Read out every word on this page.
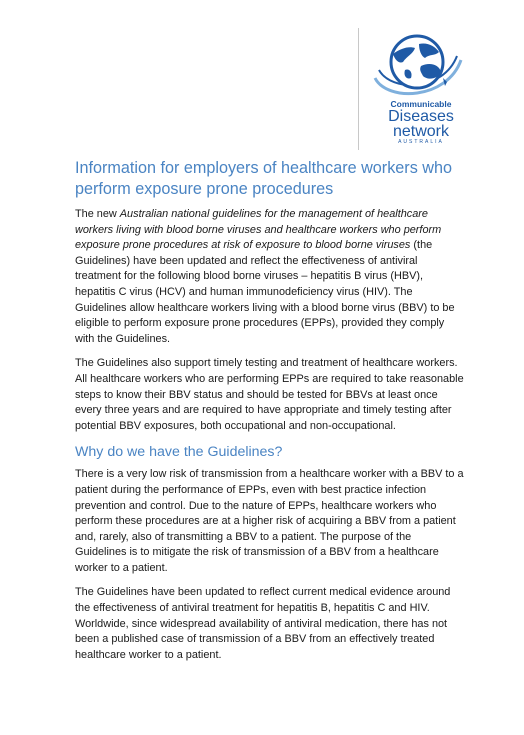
Communicable
Diseases
network
AUSTRALIA
Information for employers of healthcare workers who perform exposure prone procedures

The new Australian national guidelines for the management of healthcare workers living with blood borne viruses and healthcare workers who perform exposure prone procedures at risk of exposure to blood borne viruses (the Guidelines) have been updated and reflect the effectiveness of antiviral treatment for the following blood borne viruses – hepatitis B virus (HBV), hepatitis C virus (HCV) and human immunodeficiency virus (HIV). The Guidelines allow healthcare workers living with a blood borne virus (BBV) to be eligible to perform exposure prone procedures (EPPs), provided they comply with the Guidelines.

The Guidelines also support timely testing and treatment of healthcare workers. All healthcare workers who are performing EPPs are required to take reasonable steps to know their BBV status and should be tested for BBVs at least once every three years and are required to have appropriate and timely testing after potential BBV exposures, both occupational and non-occupational.

Why do we have the Guidelines?

There is a very low risk of transmission from a healthcare worker with a BBV to a patient during the performance of EPPs, even with best practice infection prevention and control. Due to the nature of EPPs, healthcare workers who perform these procedures are at a higher risk of acquiring a BBV from a patient and, rarely, also of transmitting a BBV to a patient. The purpose of the Guidelines is to mitigate the risk of transmission of a BBV from a healthcare worker to a patient.

The Guidelines have been updated to reflect current medical evidence around the effectiveness of antiviral treatment for hepatitis B, hepatitis C and HIV. Worldwide, since widespread availability of antiviral medication, there has not been a published case of transmission of a BBV from an effectively treated healthcare worker to a patient.
